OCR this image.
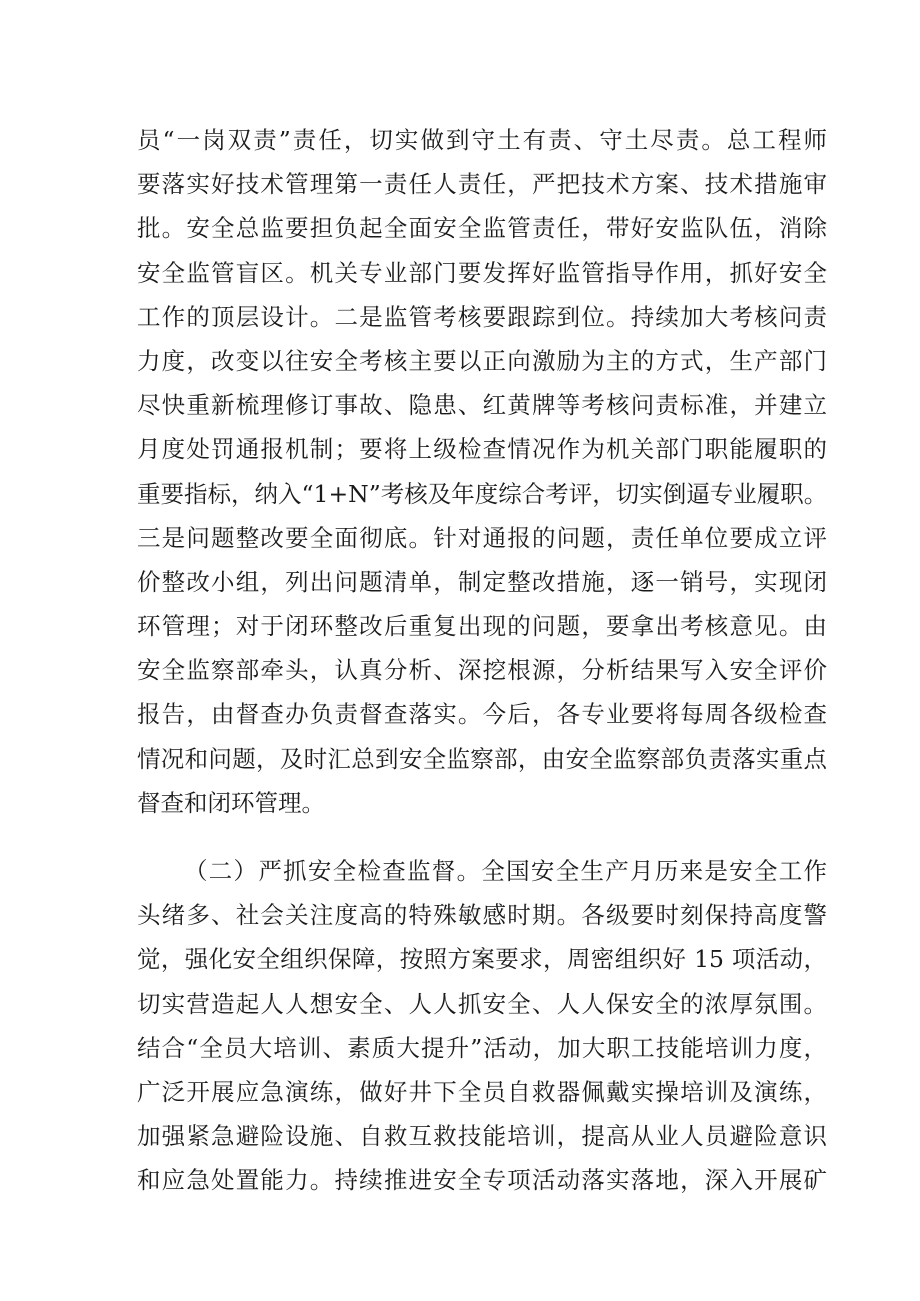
员“一岗双责”责任，切实做到守土有责、守土尽责。总工程师
要落实好技术管理第一责任人责任，严把技术方案、技术措施审
批。安全总监要担负起全面安全监管责任，带好安监队伍，消除
安全监管盲区。机关专业部门要发挥好监管指导作用，抓好安全
工作的顶层设计。二是监管考核要跟踪到位。持续加大考核问责
力度，改变以往安全考核主要以正向激励为主的方式，生产部门
尽快重新梳理修订事故、隐患、红黄牌等考核问责标准，并建立
月度处罚通报机制；要将上级检查情况作为机关部门职能履职的
重要指标，纳入“1+N”考核及年度综合考评，切实倒逼专业履职。
三是问题整改要全面彻底。针对通报的问题，责任单位要成立评
价整改小组，列出问题清单，制定整改措施，逐一销号，实现闭
环管理；对于闭环整改后重复出现的问题，要拿出考核意见。由
安全监察部牵头，认真分析、深挖根源，分析结果写入安全评价
报告，由督查办负责督查落实。今后，各专业要将每周各级检查
情况和问题，及时汇总到安全监察部，由安全监察部负责落实重点
督查和闭环管理。
（二）严抓安全检查监督。全国安全生产月历来是安全工作
头绪多、社会关注度高的特殊敏感时期。各级要时刻保持高度警
觉，强化安全组织保障，按照方案要求，周密组织好 15 项活动，
切实营造起人人想安全、人人抓安全、人人保安全的浓厚氛围。
结合“全员大培训、素质大提升”活动，加大职工技能培训力度，
广泛开展应急演练，做好井下全员自救器佩戴实操培训及演练，
加强紧急避险设施、自救互救技能培训，提高从业人员避险意识
和应急处置能力。持续推进安全专项活动落实落地，深入开展矿
